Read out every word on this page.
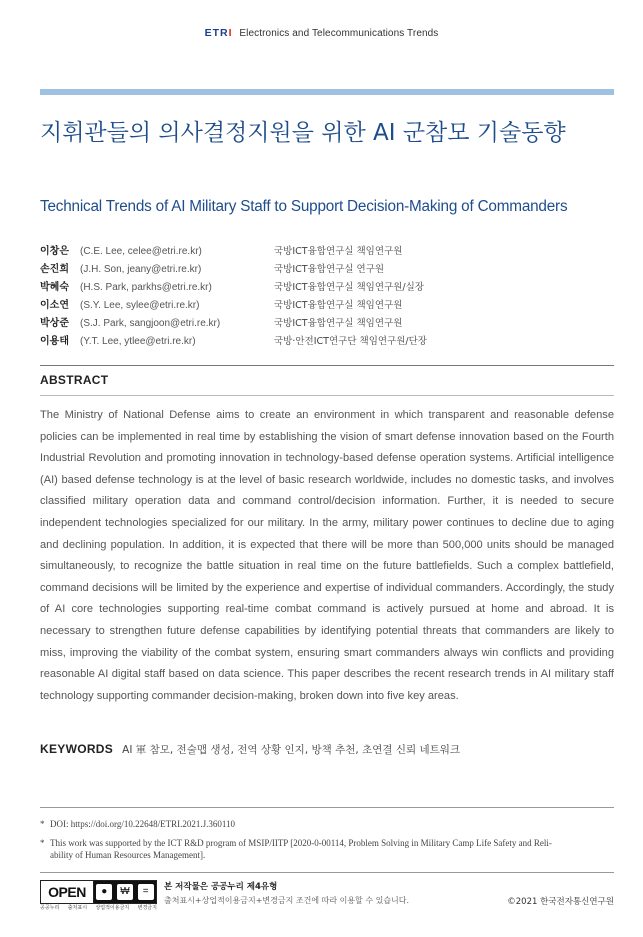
ETRI Electronics and Telecommunications Trends
지휘관들의 의사결정지원을 위한 AI 군참모 기술동향
Technical Trends of AI Military Staff to Support Decision-Making of Commanders
이창은 (C.E. Lee, celee@etri.re.kr)	국방ICT융합연구실 책임연구원
손진희 (J.H. Son, jeany@etri.re.kr)	국방ICT융합연구실 연구원
박혜숙 (H.S. Park, parkhs@etri.re.kr)	국방ICT융합연구실 책임연구원/실장
이소연 (S.Y. Lee, sylee@etri.re.kr)	국방ICT융합연구실 책임연구원
박상준 (S.J. Park, sangjoon@etri.re.kr)	국방ICT융합연구실 책임연구원
이용태 (Y.T. Lee, ytlee@etri.re.kr)	국방·안전ICT연구단 책임연구원/단장
ABSTRACT
The Ministry of National Defense aims to create an environment in which transparent and reasonable defense policies can be implemented in real time by establishing the vision of smart defense innovation based on the Fourth Industrial Revolution and promoting innovation in technology-based defense operation systems. Artificial intelligence (AI) based defense technology is at the level of basic research worldwide, includes no domestic tasks, and involves classified military operation data and command control/decision information. Further, it is needed to secure independent technologies specialized for our military. In the army, military power continues to decline due to aging and declining population. In addition, it is expected that there will be more than 500,000 units should be managed simultaneously, to recognize the battle situation in real time on the future battlefields. Such a complex battlefield, command decisions will be limited by the experience and expertise of individual commanders. Accordingly, the study of AI core technologies supporting real-time combat command is actively pursued at home and abroad. It is necessary to strengthen future defense capabilities by identifying potential threats that commanders are likely to miss, improving the viability of the combat system, ensuring smart commanders always win conflicts and providing reasonable AI digital staff based on data science. This paper describes the recent research trends in AI military staff technology supporting commander decision-making, broken down into five key areas.
KEYWORDS AI 軍 참모, 전술맵 생성, 전역 상황 인지, 방책 추천, 초연결 신뢰 네트워크
* DOI: https://doi.org/10.22648/ETRI.2021.J.360110
* This work was supported by the ICT R&D program of MSIP/IITP [2020-0-00114, Problem Solving in Military Camp Life Safety and Reli-
ability of Human Resources Management].
OPEN	●	₩	=
공공누리 출처표시 상업적이용금지 변경금지
본 저작물은 공공누리 제4유형
출처표시+상업적이용금지+변경금지 조건에 따라 이용할 수 있습니다.	©2021 한국전자통신연구원
